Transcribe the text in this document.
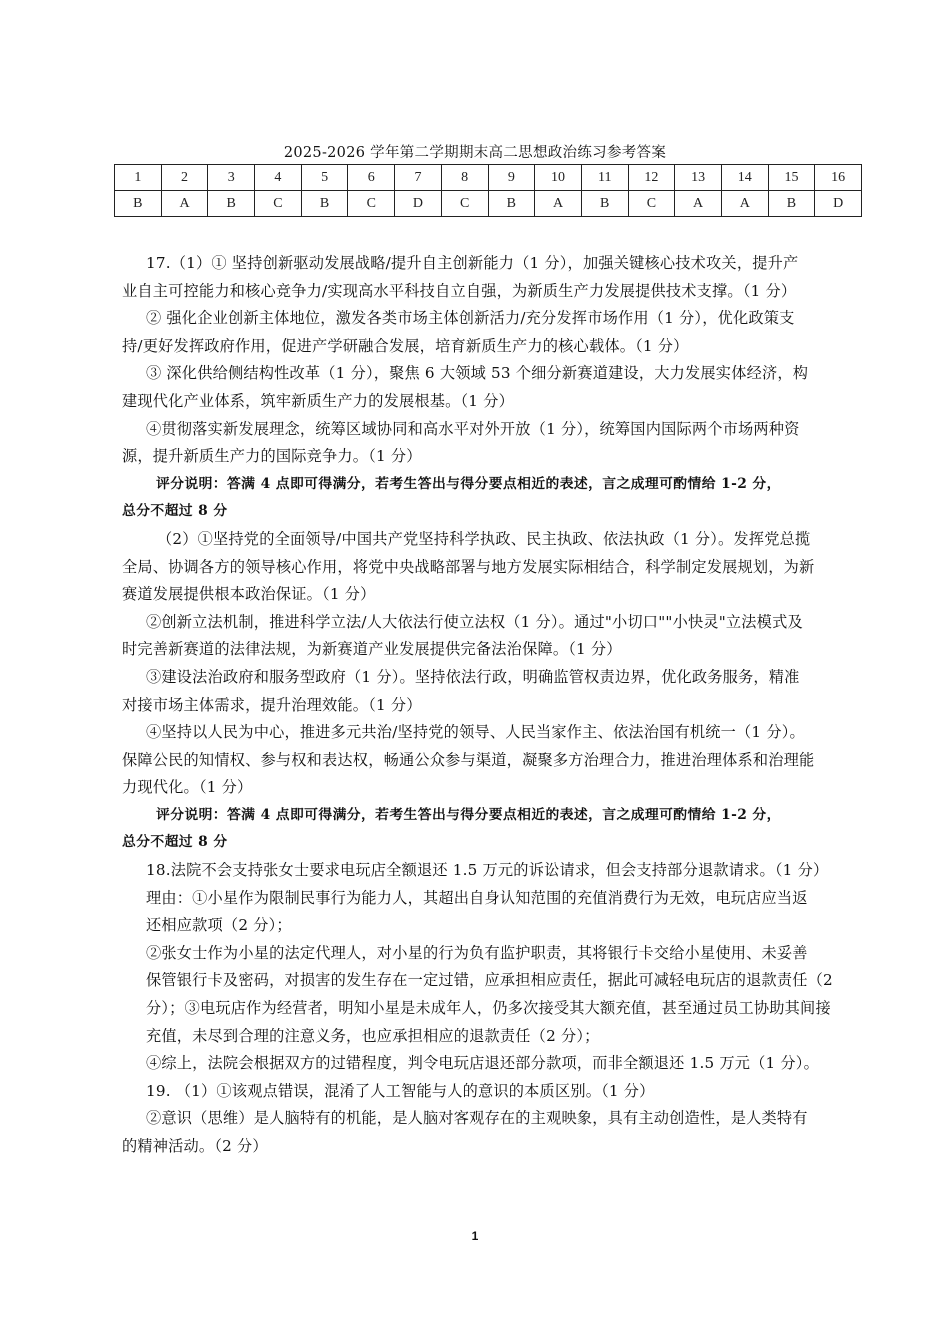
2025-2026 学年第二学期期末高二思想政治练习参考答案
1	2	3	4	5	6	7	8	9	10	11	12	13	14	15	16
B	A	B	C	B	C	D	C	B	A	B	C	A	A	B	D
17.（1）① 坚持创新驱动发展战略/提升自主创新能力（1 分），加强关键核心技术攻关，提升产
业自主可控能力和核心竞争力/实现高水平科技自立自强，为新质生产力发展提供技术支撑。（1 分）
② 强化企业创新主体地位，激发各类市场主体创新活力/充分发挥市场作用（1 分），优化政策支
持/更好发挥政府作用，促进产学研融合发展，培育新质生产力的核心载体。（1 分）
③ 深化供给侧结构性改革（1 分），聚焦 6 大领域 53 个细分新赛道建设，大力发展实体经济，构
建现代化产业体系，筑牢新质生产力的发展根基。（1 分）
④贯彻落实新发展理念，统筹区域协同和高水平对外开放（1 分），统筹国内国际两个市场两种资
源，提升新质生产力的国际竞争力。（1 分）
评分说明：答满 4 点即可得满分，若考生答出与得分要点相近的表述，言之成理可酌情给 1-2 分，
总分不超过 8 分
（2）①坚持党的全面领导/中国共产党坚持科学执政、民主执政、依法执政（1 分）。发挥党总揽
全局、协调各方的领导核心作用，将党中央战略部署与地方发展实际相结合，科学制定发展规划，为新
赛道发展提供根本政治保证。（1 分）
②创新立法机制，推进科学立法/人大依法行使立法权（1 分）。通过"小切口""小快灵"立法模式及
时完善新赛道的法律法规，为新赛道产业发展提供完备法治保障。（1 分）
③建设法治政府和服务型政府（1 分）。坚持依法行政，明确监管权责边界，优化政务服务，精准
对接市场主体需求，提升治理效能。（1 分）
④坚持以人民为中心，推进多元共治/坚持党的领导、人民当家作主、依法治国有机统一（1 分）。
保障公民的知情权、参与权和表达权，畅通公众参与渠道，凝聚多方治理合力，推进治理体系和治理能
力现代化。（1 分）
评分说明：答满 4 点即可得满分，若考生答出与得分要点相近的表述，言之成理可酌情给 1-2 分，
总分不超过 8 分
18.法院不会支持张女士要求电玩店全额退还 1.5 万元的诉讼请求，但会支持部分退款请求。（1 分）
理由：①小星作为限制民事行为能力人，其超出自身认知范围的充值消费行为无效，电玩店应当返
还相应款项（2 分）；
②张女士作为小星的法定代理人，对小星的行为负有监护职责，其将银行卡交给小星使用、未妥善
保管银行卡及密码，对损害的发生存在一定过错，应承担相应责任，据此可减轻电玩店的退款责任（2
分）；③电玩店作为经营者，明知小星是未成年人，仍多次接受其大额充值，甚至通过员工协助其间接
充值，未尽到合理的注意义务，也应承担相应的退款责任（2 分）；
④综上，法院会根据双方的过错程度，判令电玩店退还部分款项，而非全额退还 1.5 万元（1 分）。
19. （1）①该观点错误，混淆了人工智能与人的意识的本质区别。（1 分）
②意识（思维）是人脑特有的机能，是人脑对客观存在的主观映象，具有主动创造性，是人类特有
的精神活动。（2 分）
1
